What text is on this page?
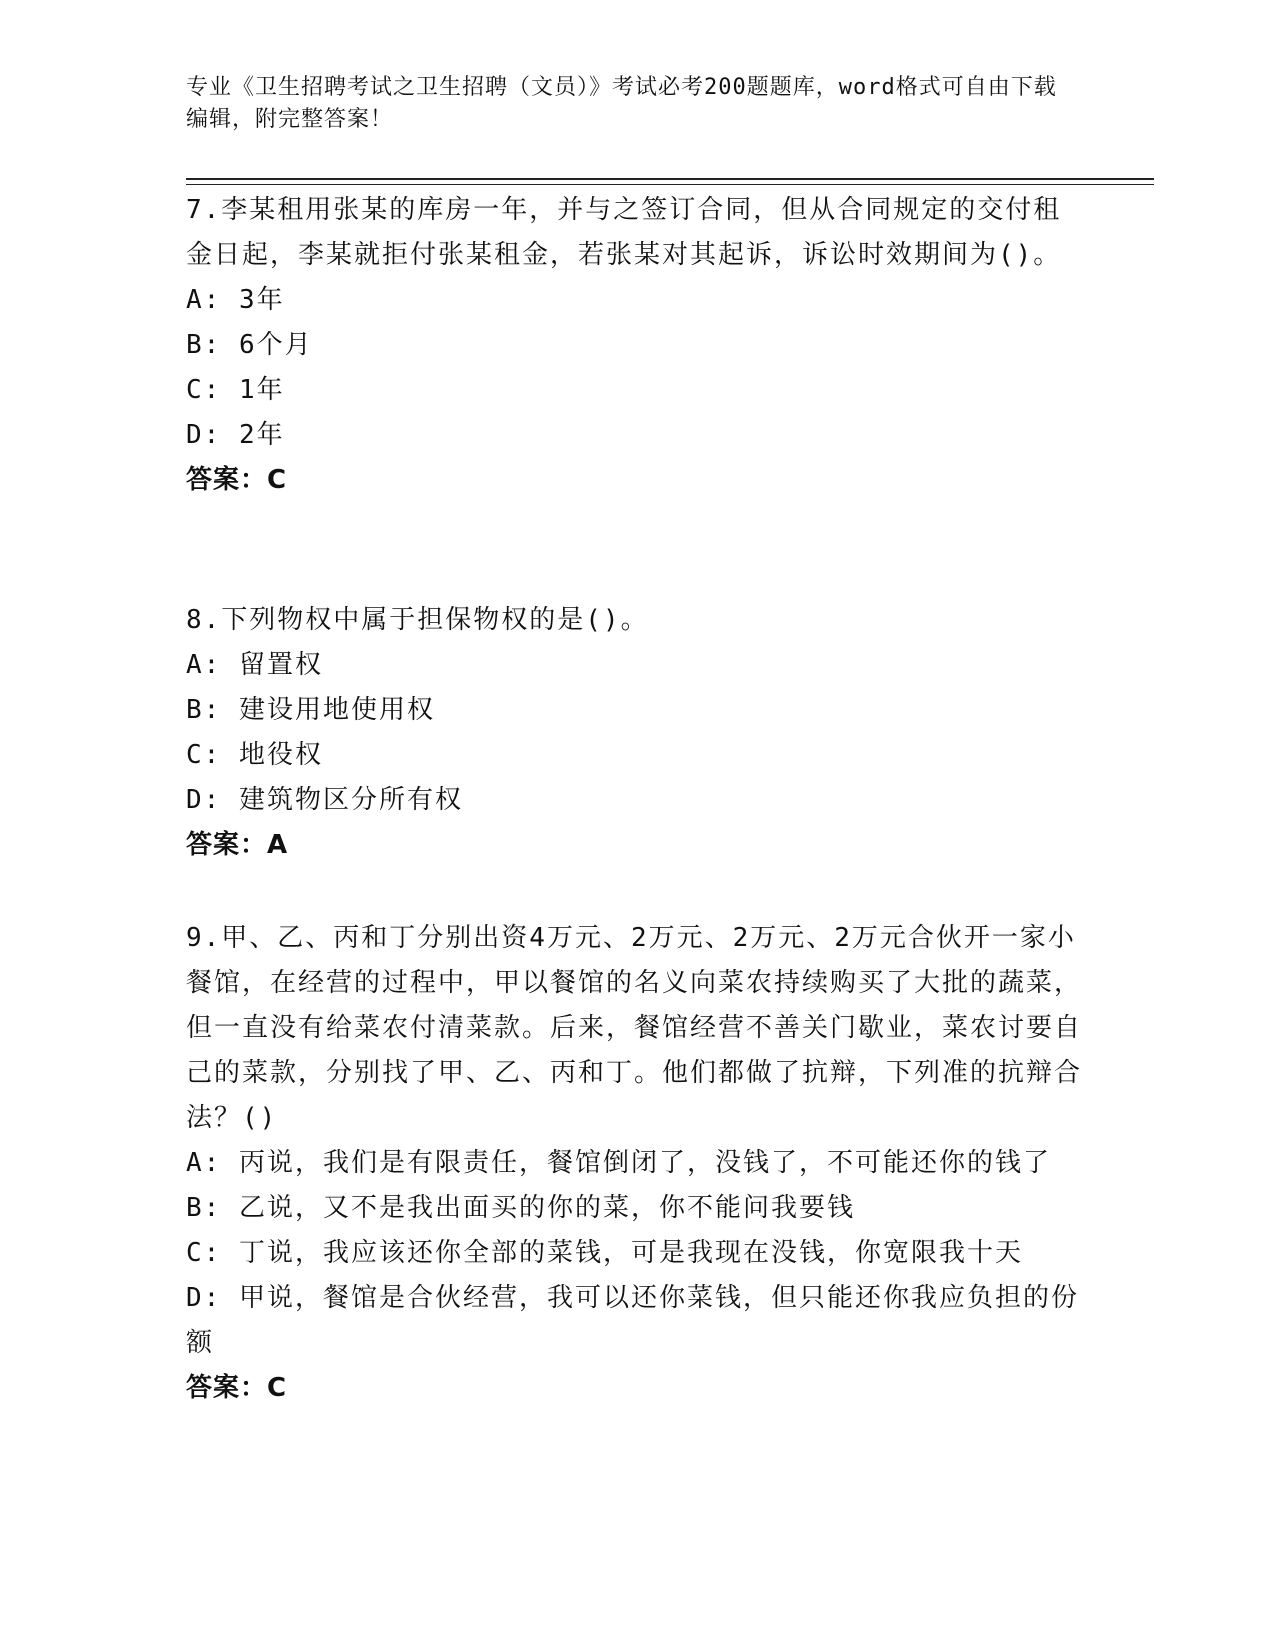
专业《卫生招聘考试之卫生招聘（文员）》考试必考200题题库，word格式可自由下载编辑，附完整答案！
7.李某租用张某的库房一年，并与之签订合同，但从合同规定的交付租金日起，李某就拒付张某租金，若张某对其起诉，诉讼时效期间为()。
A: 3年
B: 6个月
C: 1年
D: 2年
答案：C
8.下列物权中属于担保物权的是()。
A: 留置权
B: 建设用地使用权
C: 地役权
D: 建筑物区分所有权
答案：A
9.甲、乙、丙和丁分别出资4万元、2万元、2万元、2万元合伙开一家小餐馆，在经营的过程中，甲以餐馆的名义向菜农持续购买了大批的蔬菜，但一直没有给菜农付清菜款。后来，餐馆经营不善关门歇业，菜农讨要自己的菜款，分别找了甲、乙、丙和丁。他们都做了抗辩，下列准的抗辩合法？()
A: 丙说，我们是有限责任，餐馆倒闭了，没钱了，不可能还你的钱了
B: 乙说，又不是我出面买的你的菜，你不能问我要钱
C: 丁说，我应该还你全部的菜钱，可是我现在没钱，你宽限我十天
D: 甲说，餐馆是合伙经营，我可以还你菜钱，但只能还你我应负担的份额
答案：C
